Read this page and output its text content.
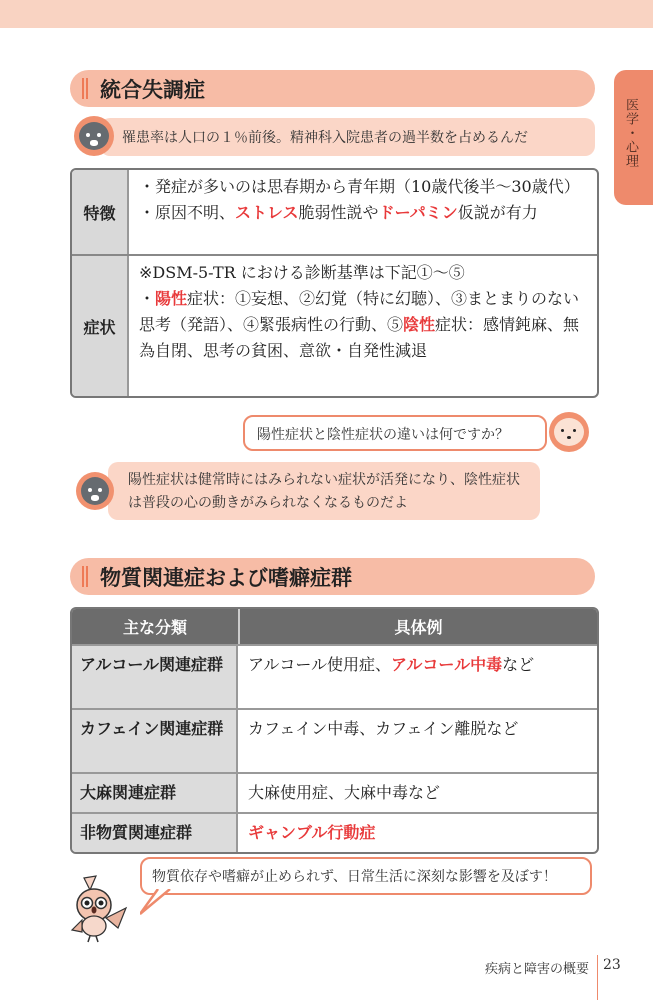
医学・心理
統合失調症
罹患率は人口の１％前後。精神科入院患者の過半数を占めるんだ
特徴
・発症が多いのは思春期から青年期（10歳代後半〜30歳代）
・原因不明、ストレス脆弱性説やドーパミン仮説が有力
症状
※DSM-5-TR における診断基準は下記①〜⑤
・陽性症状：①妄想、②幻覚（特に幻聴）、③まとまりのない思考（発語）、④緊張病性の行動、⑤陰性症状：感情鈍麻、無為自閉、思考の貧困、意欲・自発性減退
陽性症状と陰性症状の違いは何ですか？
陽性症状は健常時にはみられない症状が活発になり、陰性症状は普段の心の動きがみられなくなるものだよ
物質関連症および嗜癖症群
主な分類	具体例
アルコール関連症群	アルコール使用症、アルコール中毒など
カフェイン関連症群	カフェイン中毒、カフェイン離脱など
大麻関連症群	大麻使用症、大麻中毒など
非物質関連症群	ギャンブル行動症
物質依存や嗜癖が止められず、日常生活に深刻な影響を及ぼす！
疾病と障害の概要 23
